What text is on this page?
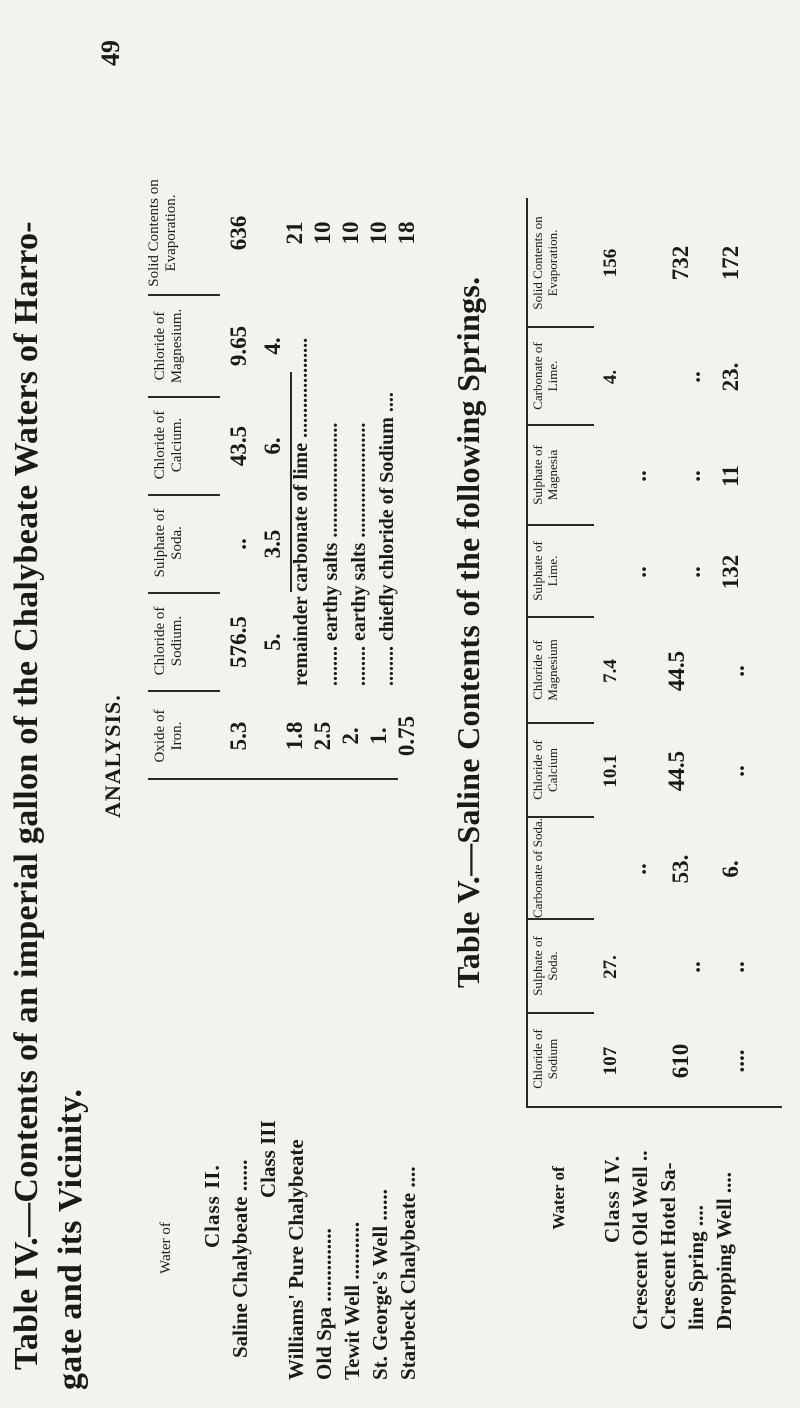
ANALYSIS.
49
Table IV.—Contents of an imperial gallon of the Chalybeate Waters of Harro- gate and its Vicinity.	Water of
Oxide of Iron.
Chloride of Sodium.
Sulphate of Soda.
Chloride of Calcium.
Chloride of Magnesium.
Solid Contents on Evaporation.
Class II. Saline Chalybeate ......
Class III Williams' Pure Chalybeate Old Spa .............. Tewit Well ........... St. George's Well ...... Starbeck Chalybeate ....
5.3
576.5
..
43.5
9.65
636
1.8
5.
3.5
6.
4.
21
2.5
10
2.
10
1.
10
0.75
18
remainder carbonate of lime .................... ........ earthy salts ....................... ........ earthy salts ....................... ........ chiefly chloride of Sodium .... Table V.—Saline Contents of the following Springs.
Water of
Chloride of Sodium
Sulphate of Soda.
Carbonate of Soda.
Chloride of Calcium
Chloride of Magnesium
Sulphate of Lime.
Sulphate of Magnesia
Carbonate of Lime.
Solid Contents on Evaporation.
Class IV. Crescent Old Well .. Crescent Hotel Sa- line Spring .... Dropping Well ....
107
27.
..
10.1
7.4
..
..
4.
156
610
..
53.
44.5
44.5
..
..
..
732
....
..
6.
..
..
132
11
23.
172
